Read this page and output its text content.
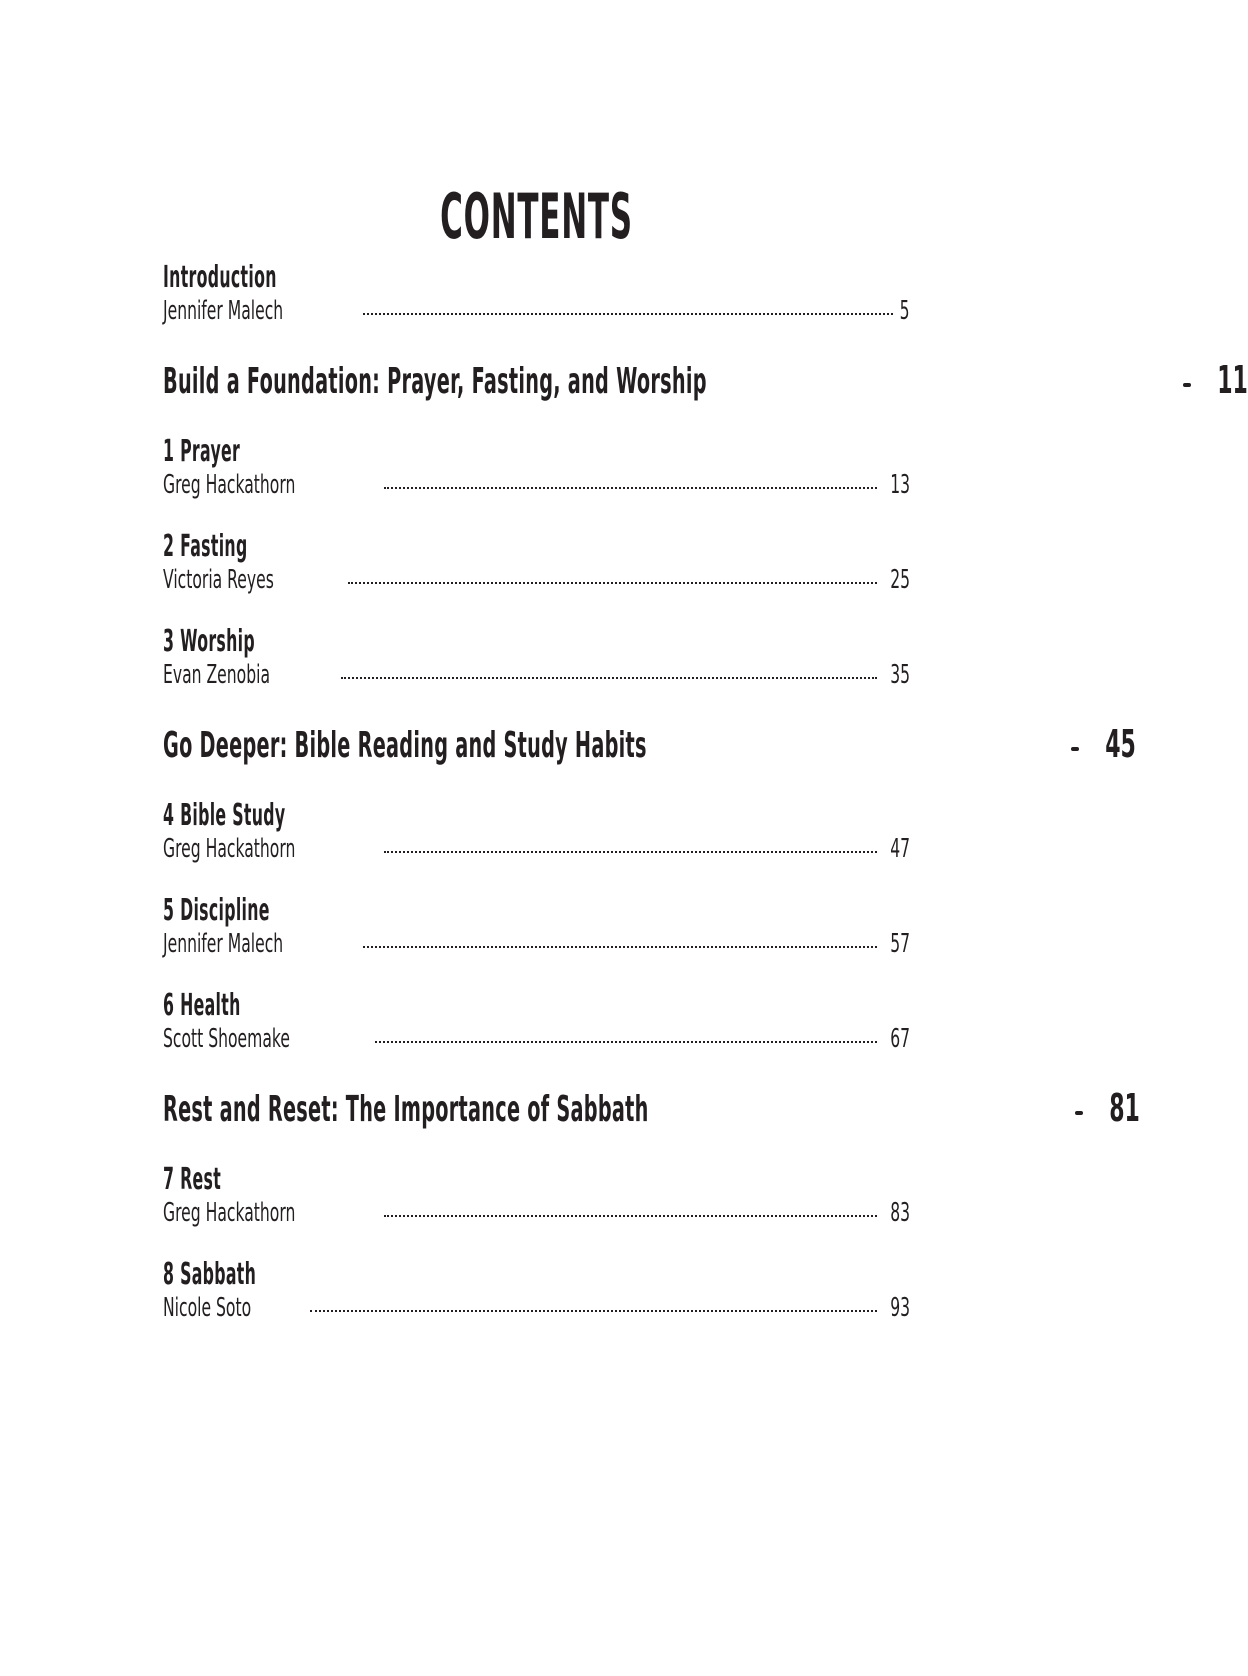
CONTENTS
Introduction
Jennifer Malech	5
Build a Foundation: Prayer, Fasting, and Worship	11
1 Prayer
Greg Hackathorn	13
2 Fasting
Victoria Reyes	25
3 Worship
Evan Zenobia	35
Go Deeper: Bible Reading and Study Habits	45
4 Bible Study
Greg Hackathorn	47
5 Discipline
Jennifer Malech	57
6 Health
Scott Shoemake	67
Rest and Reset: The Importance of Sabbath	81
7 Rest
Greg Hackathorn	83
8 Sabbath
Nicole Soto	93
